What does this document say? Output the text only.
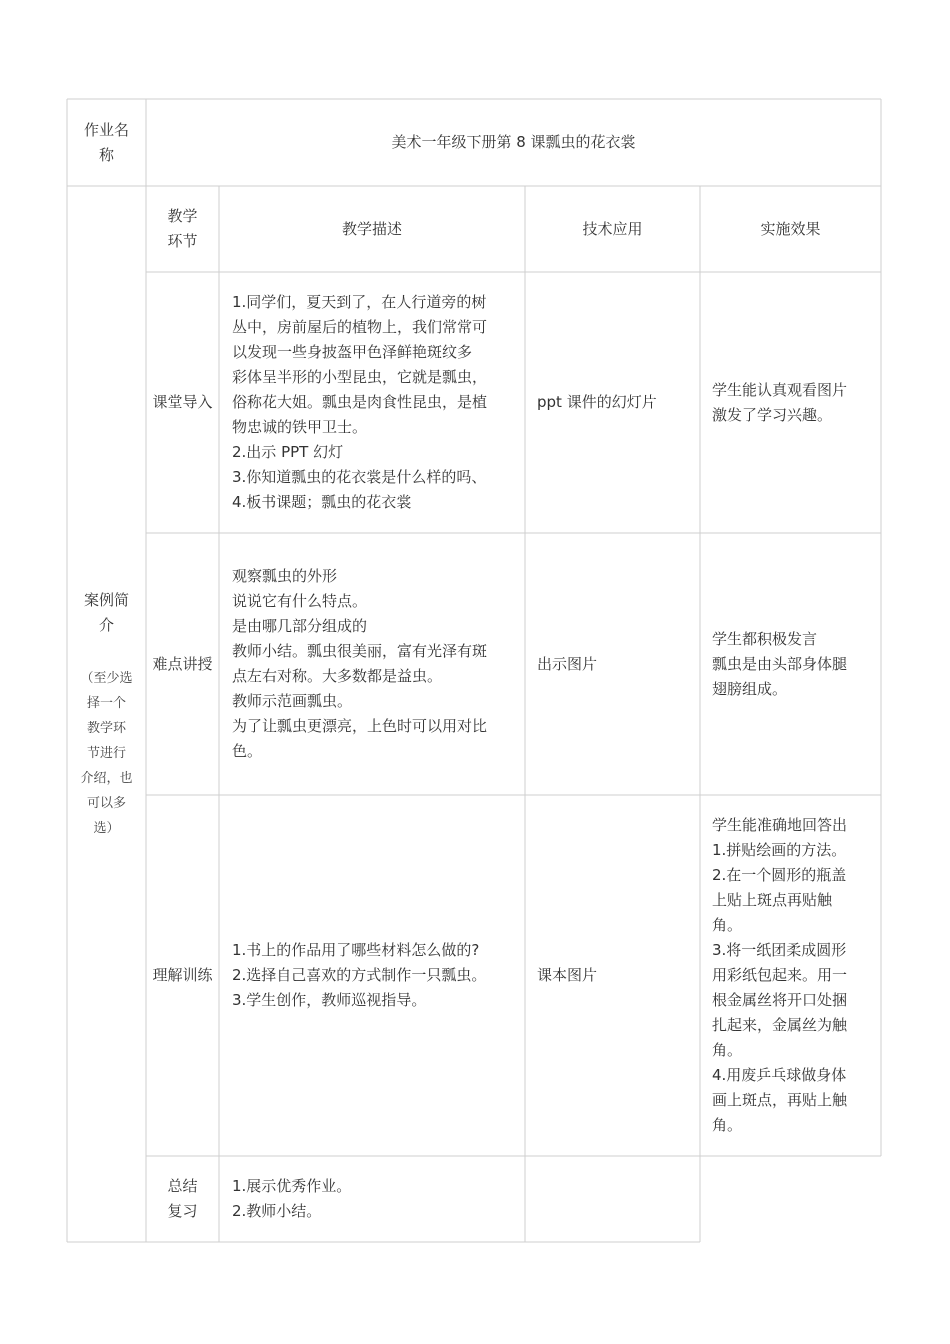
作业名
称
美术一年级下册第 8 课瓢虫的花衣裳
案例简
介
（至少选
择一个
教学环
节进行
介绍，也
可以多
选）
教学
环节
教学描述	技术应用	实施效果
课堂导入
1.同学们，夏天到了，在人行道旁的树
丛中，房前屋后的植物上，我们常常可
以发现一些身披盔甲色泽鲜艳斑纹多
彩体呈半形的小型昆虫，它就是瓢虫，
俗称花大姐。瓢虫是肉食性昆虫，是植
物忠诚的铁甲卫士。
2.出示 PPT 幻灯
3.你知道瓢虫的花衣裳是什么样的吗、
4.板书课题；瓢虫的花衣裳
ppt 课件的幻灯片
学生能认真观看图片
激发了学习兴趣。
难点讲授
观察瓢虫的外形
说说它有什么特点。
是由哪几部分组成的
教师小结。瓢虫很美丽，富有光泽有斑
点左右对称。大多数都是益虫。
教师示范画瓢虫。
为了让瓢虫更漂亮，上色时可以用对比
色。
出示图片
学生都积极发言
瓢虫是由头部身体腿
翅膀组成。
理解训练
1.书上的作品用了哪些材料怎么做的?
2.选择自己喜欢的方式制作一只瓢虫。
3.学生创作，教师巡视指导。
课本图片
学生能准确地回答出
1.拼贴绘画的方法。
2.在一个圆形的瓶盖
上贴上斑点再贴触
角。
3.将一纸团柔成圆形
用彩纸包起来。用一
根金属丝将开口处捆
扎起来，金属丝为触
角。
4.用废乒乓球做身体
画上斑点，再贴上触
角。
总结
复习
1.展示优秀作业。
2.教师小结。
